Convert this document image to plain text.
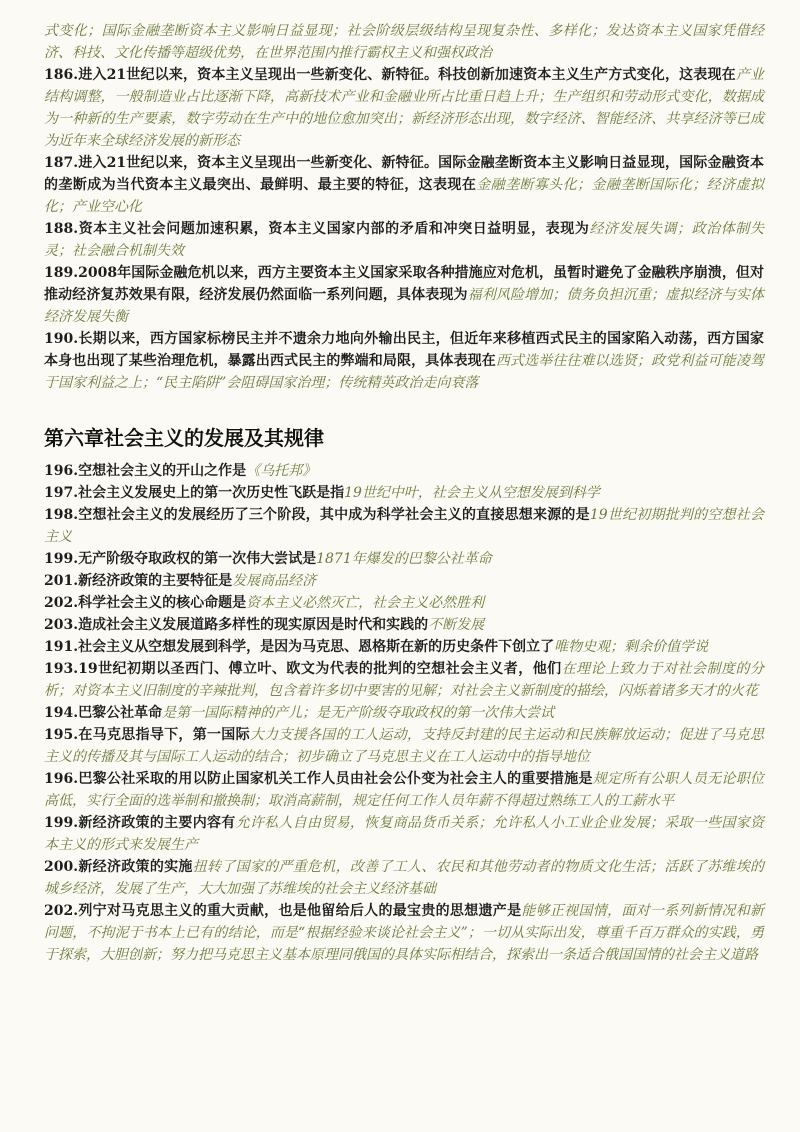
式变化；国际金融垄断资本主义影响日益显现；社会阶级层级结构呈现复杂性、多样化；发达资本主义国家凭借经济、科技、文化传播等超级优势，在世界范围内推行霸权主义和强权政治

186.进入21世纪以来，资本主义呈现出一些新变化、新特征。科技创新加速资本主义生产方式变化，这表现在产业结构调整，一般制造业占比逐渐下降，高新技术产业和金融业所占比重日趋上升；生产组织和劳动形式变化，数据成为一种新的生产要素，数字劳动在生产中的地位愈加突出；新经济形态出现，数字经济、智能经济、共享经济等已成为近年来全球经济发展的新形态

187.进入21世纪以来，资本主义呈现出一些新变化、新特征。国际金融垄断资本主义影响日益显现，国际金融资本的垄断成为当代资本主义最突出、最鲜明、最主要的特征，这表现在金融垄断寡头化；金融垄断国际化；经济虚拟化；产业空心化

188.资本主义社会问题加速积累，资本主义国家内部的矛盾和冲突日益明显，表现为经济发展失调；政治体制失灵；社会融合机制失效

189.2008年国际金融危机以来，西方主要资本主义国家采取各种措施应对危机，虽暂时避免了金融秩序崩溃，但对推动经济复苏效果有限，经济发展仍然面临一系列问题，具体表现为福利风险增加；债务负担沉重；虚拟经济与实体经济发展失衡

190.长期以来，西方国家标榜民主并不遗余力地向外输出民主，但近年来移植西式民主的国家陷入动荡，西方国家本身也出现了某些治理危机，暴露出西式民主的弊端和局限，具体表现在西式选举往往难以选贤；政党利益可能凌驾于国家利益之上；“民主陷阱”会阻碍国家治理；传统精英政治走向衰落

第六章社会主义的发展及其规律

196.空想社会主义的开山之作是《乌托邦》

197.社会主义发展史上的第一次历史性飞跃是指19世纪中叶，社会主义从空想发展到科学

198.空想社会主义的发展经历了三个阶段，其中成为科学社会主义的直接思想来源的是19世纪初期批判的空想社会主义

199.无产阶级夺取政权的第一次伟大尝试是1871年爆发的巴黎公社革命

201.新经济政策的主要特征是发展商品经济

202.科学社会主义的核心命题是资本主义必然灭亡，社会主义必然胜利

203.造成社会主义发展道路多样性的现实原因是时代和实践的不断发展

191.社会主义从空想发展到科学，是因为马克思、恩格斯在新的历史条件下创立了唯物史观；剩余价值学说

193.19世纪初期以圣西门、傅立叶、欧文为代表的批判的空想社会主义者，他们在理论上致力于对社会制度的分析；对资本主义旧制度的辛辣批判，包含着许多切中要害的见解；对社会主义新制度的描绘，闪烁着诸多天才的火花

194.巴黎公社革命是第一国际精神的产儿；是无产阶级夺取政权的第一次伟大尝试

195.在马克思指导下，第一国际大力支援各国的工人运动，支持反封建的民主运动和民族解放运动；促进了马克思主义的传播及其与国际工人运动的结合；初步确立了马克思主义在工人运动中的指导地位

196.巴黎公社采取的用以防止国家机关工作人员由社会公仆变为社会主人的重要措施是规定所有公职人员无论职位高低，实行全面的选举制和撤换制；取消高薪制，规定任何工作人员年薪不得超过熟练工人的工薪水平

199.新经济政策的主要内容有允许私人自由贸易，恢复商品货币关系；允许私人小工业企业发展；采取一些国家资本主义的形式来发展生产

200.新经济政策的实施扭转了国家的严重危机，改善了工人、农民和其他劳动者的物质文化生活；活跃了苏维埃的城乡经济，发展了生产，大大加强了苏维埃的社会主义经济基础

202.列宁对马克思主义的重大贡献，也是他留给后人的最宝贵的思想遗产是能够正视国情，面对一系列新情况和新问题，不拘泥于书本上已有的结论，而是“根据经验来谈论社会主义”；一切从实际出发，尊重千百万群众的实践，勇于探索，大胆创新；努力把马克思主义基本原理同俄国的具体实际相结合，探索出一条适合俄国国情的社会主义道路
